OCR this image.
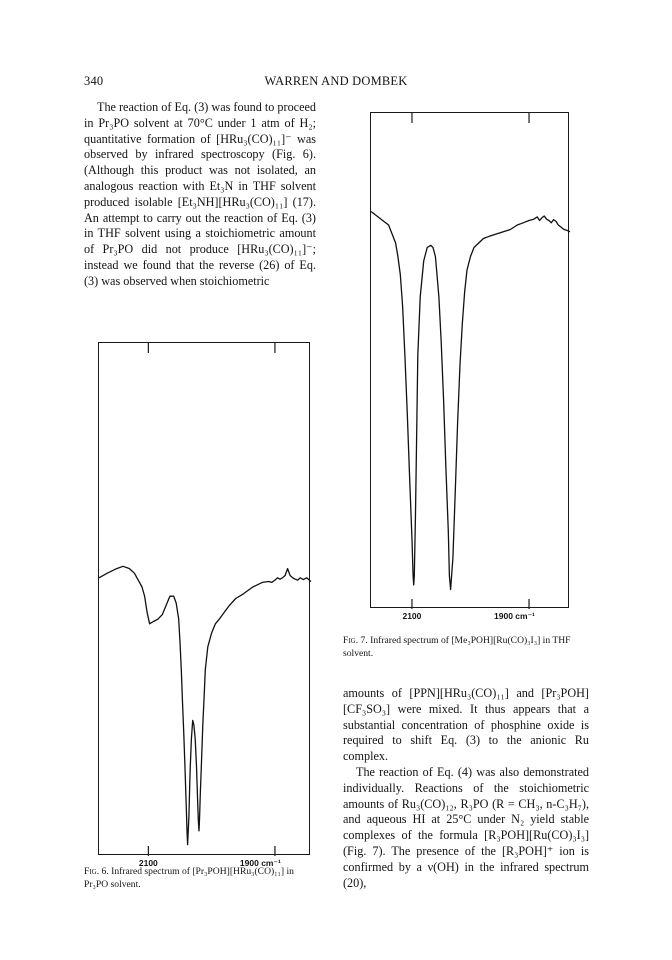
340	WARREN AND DOMBEK

The reaction of Eq. (3) was found to proceed in Pr₃PO solvent at 70°C under 1 atm of H₂; quantitative formation of [HRu₃(CO)₁₁]⁻ was observed by infrared spectroscopy (Fig. 6). (Although this product was not isolated, an analogous reaction with Et₃N in THF solvent produced isolable [Et₃NH][HRu₃(CO)₁₁] (17). An attempt to carry out the reaction of Eq. (3) in THF solvent using a stoichiometric amount of Pr₃PO did not produce [HRu₃(CO)₁₁]⁻; instead we found that the reverse (26) of Eq. (3) was observed when stoichiometric

2100	1900 cm⁻¹
Fig. 6. Infrared spectrum of [Pr₃POH][HRu₃(CO)₁₁] in Pr₃PO solvent.
2100	1900 cm⁻¹
Fig. 7. Infrared spectrum of [Me₃POH][Ru(CO)₃I₃] in THF solvent.

amounts of [PPN][HRu₃(CO)₁₁] and [Pr₃POH][CF₃SO₃] were mixed. It thus appears that a substantial concentration of phosphine oxide is required to shift Eq. (3) to the anionic Ru complex.

The reaction of Eq. (4) was also demonstrated individually. Reactions of the stoichiometric amounts of Ru₃(CO)₁₂, R₃PO (R = CH₃, n-C₃H₇), and aqueous HI at 25°C under N₂ yield stable complexes of the formula [R₃POH][Ru(CO)₃I₃] (Fig. 7). The presence of the [R₃POH]⁺ ion is confirmed by a ν(OH) in the infrared spectrum (20),
